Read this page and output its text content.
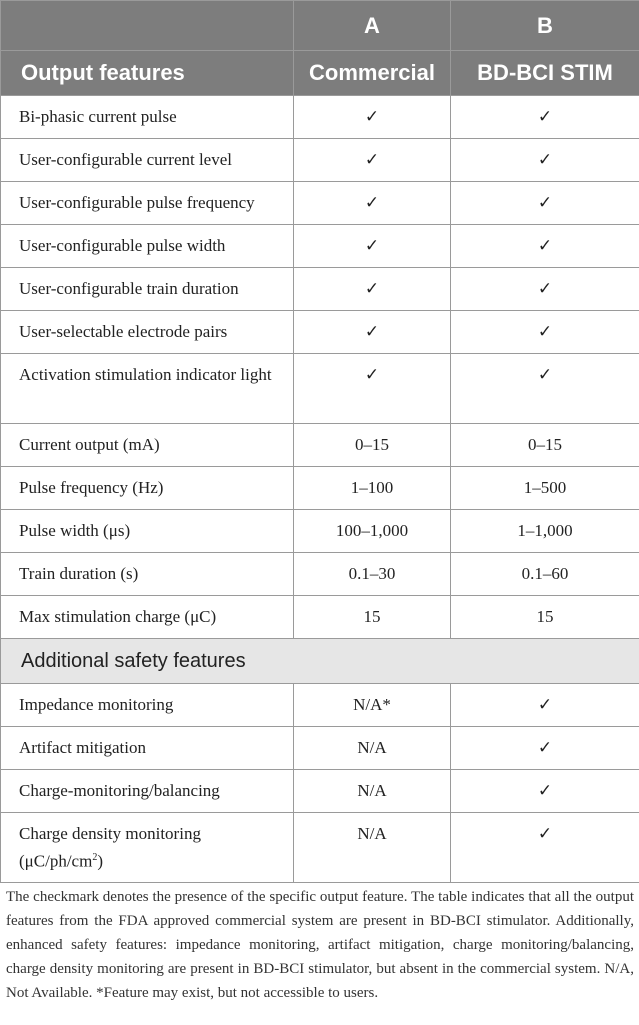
	A	B
Output features	Commercial	BD-BCI STIM
Bi-phasic current pulse	✓	✓
User-configurable current level	✓	✓
User-configurable pulse frequency	✓	✓
User-configurable pulse width	✓	✓
User-configurable train duration	✓	✓
User-selectable electrode pairs	✓	✓
Activation stimulation indicator light	✓	✓
Current output (mA)	0–15	0–15
Pulse frequency (Hz)	1–100	1–500
Pulse width (μs)	100–1,000	1–1,000
Train duration (s)	0.1–30	0.1–60
Max stimulation charge (μC)	15	15
Additional safety features		
Impedance monitoring	N/A*	✓
Artifact mitigation	N/A	✓
Charge-monitoring/balancing	N/A	✓
Charge density monitoring $(\mu C/ph/cm^2)$	N/A	✓
The checkmark denotes the presence of the specific output feature. The table indicates that all the output features from the FDA approved commercial system are present in BD-BCI stimulator. Additionally, enhanced safety features: impedance monitoring, artifact mitigation, charge monitoring/balancing, charge density monitoring are present in BD-BCI stimulator, but absent in the commercial system. N/A, Not Available. *Feature may exist, but not accessible to users.
